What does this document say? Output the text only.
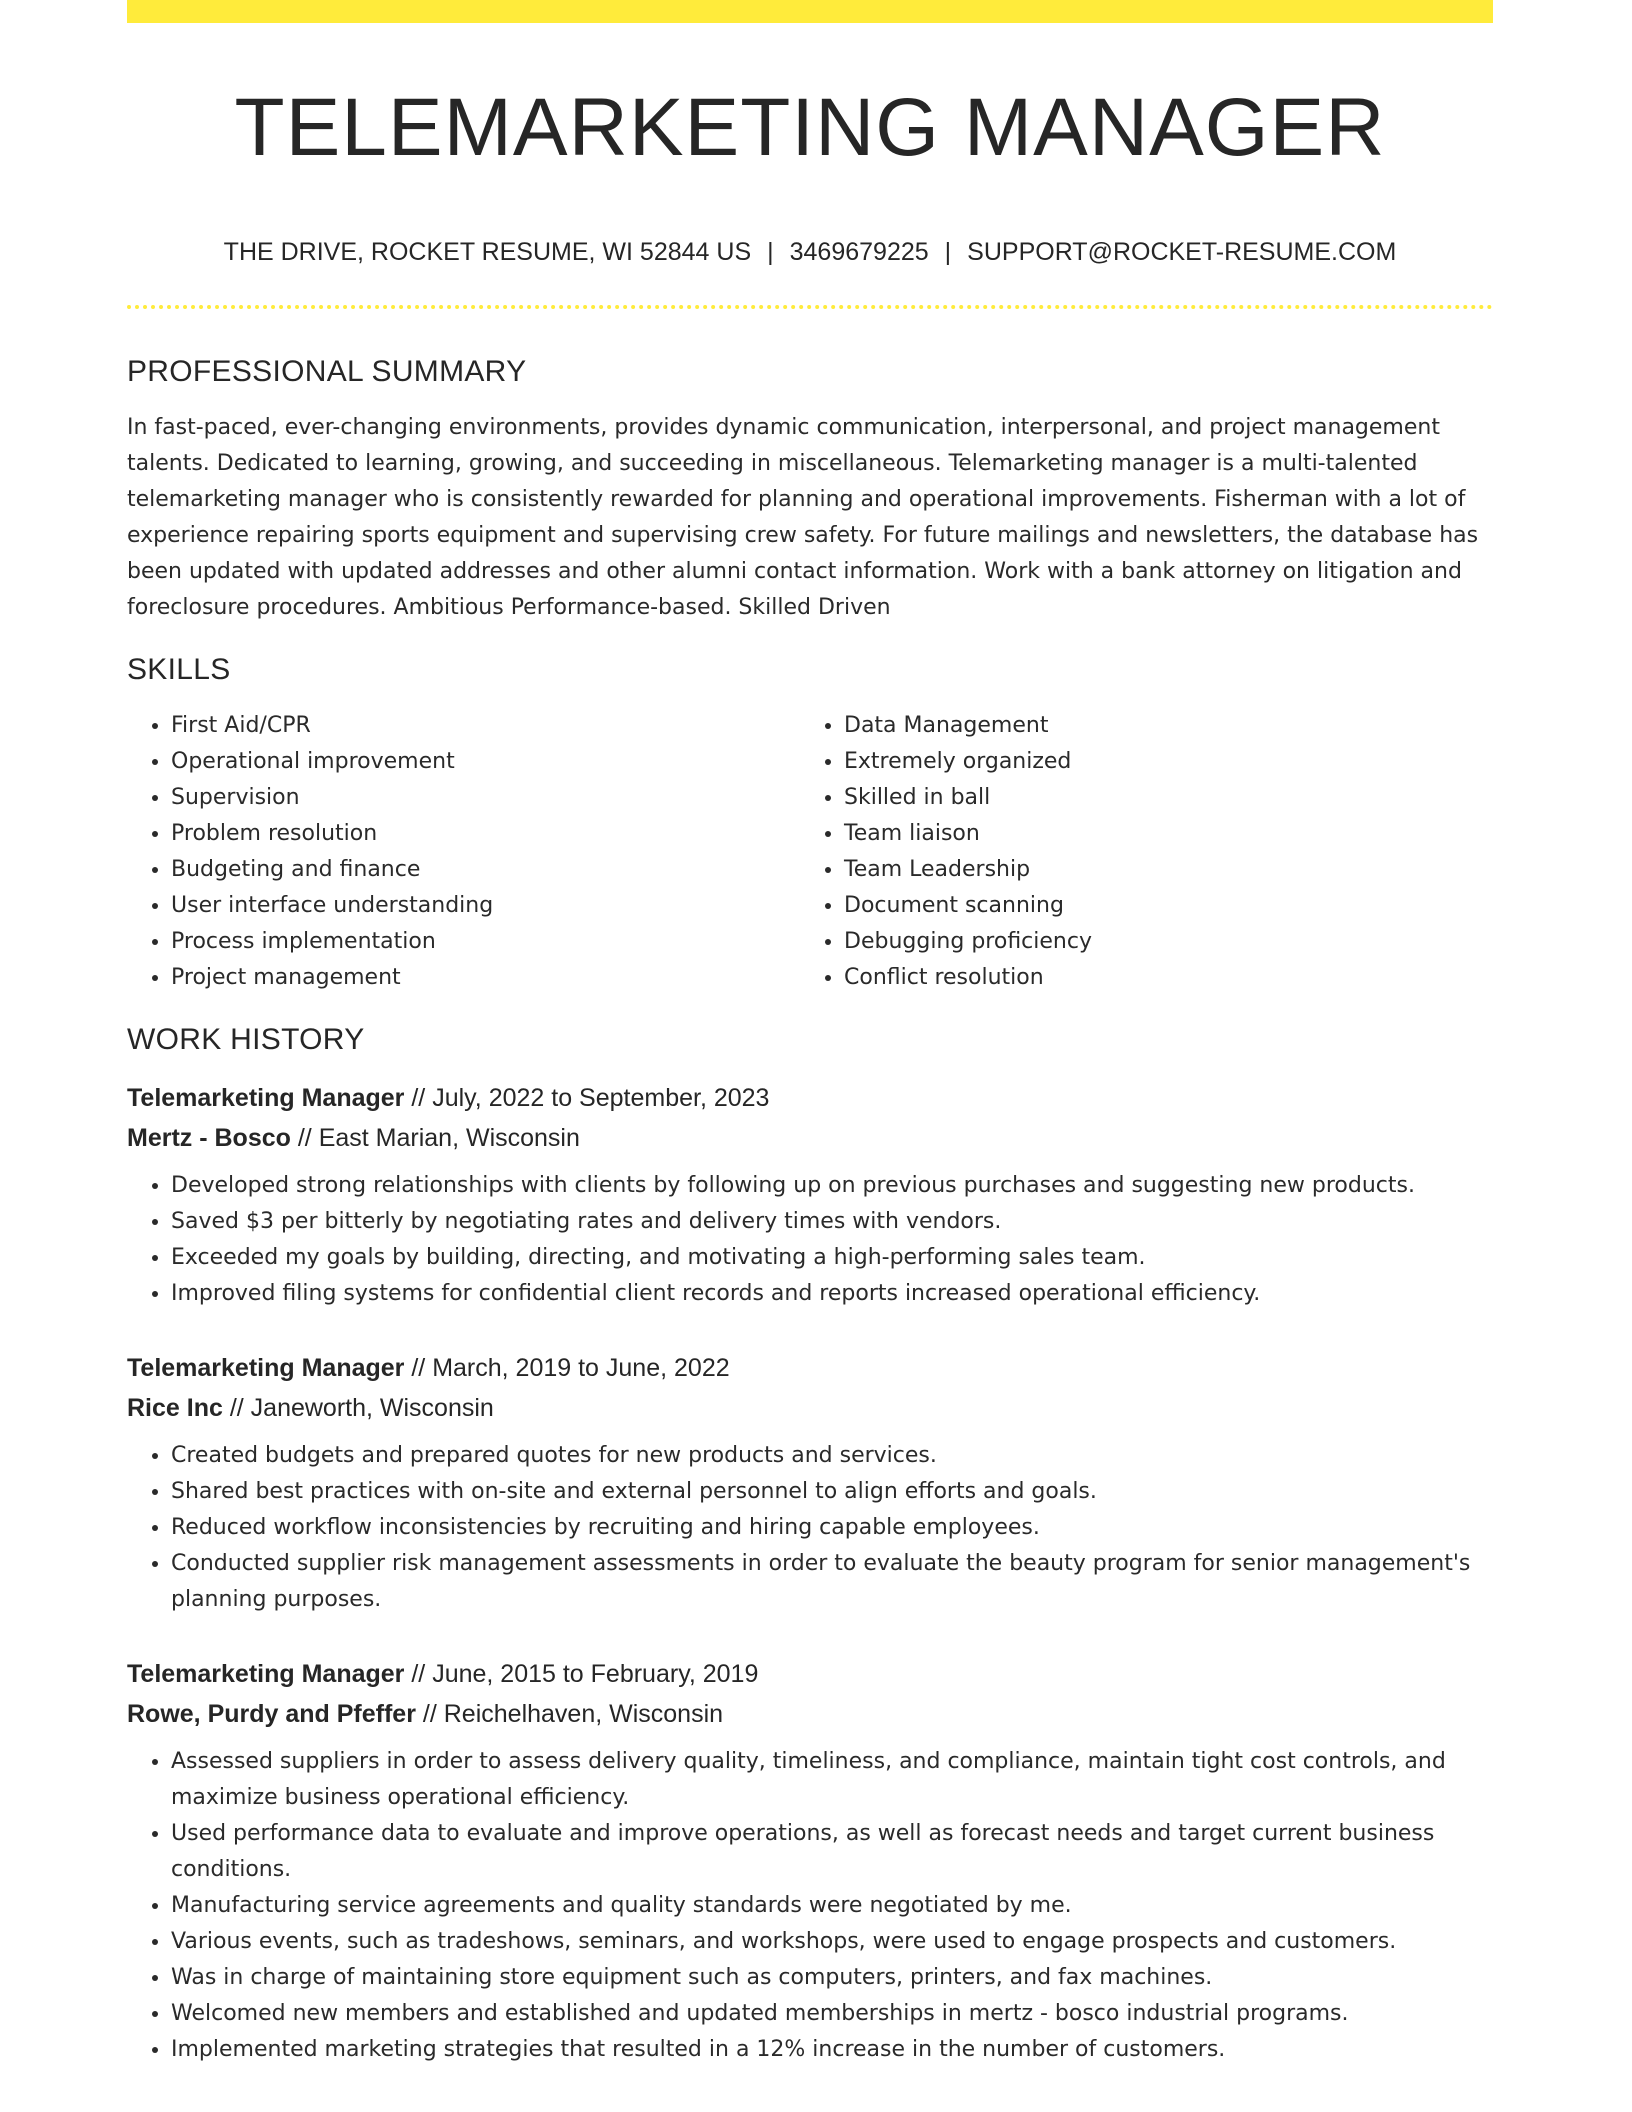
TELEMARKETING MANAGER
THE DRIVE, ROCKET RESUME, WI 52844 US | 3469679225 | SUPPORT@ROCKET-RESUME.COM
PROFESSIONAL SUMMARY

In fast-paced, ever-changing environments, provides dynamic communication, interpersonal, and project management talents. Dedicated to learning, growing, and succeeding in miscellaneous. Telemarketing manager is a multi-talented telemarketing manager who is consistently rewarded for planning and operational improvements. Fisherman with a lot of experience repairing sports equipment and supervising crew safety. For future mailings and newsletters, the database has been updated with updated addresses and other alumni contact information. Work with a bank attorney on litigation and foreclosure procedures. Ambitious Performance-based. Skilled Driven

SKILLS
• First Aid/CPR
• Operational improvement
• Supervision
• Problem resolution
• Budgeting and finance
• User interface understanding
• Process implementation
• Project management
• Data Management
• Extremely organized
• Skilled in ball
• Team liaison
• Team Leadership
• Document scanning
• Debugging proficiency
• Conflict resolution
WORK HISTORY
Telemarketing Manager // July, 2022 to September, 2023
Mertz - Bosco // East Marian, Wisconsin
• Developed strong relationships with clients by following up on previous purchases and suggesting new products.
• Saved $3 per bitterly by negotiating rates and delivery times with vendors.
• Exceeded my goals by building, directing, and motivating a high-performing sales team.
• Improved filing systems for confidential client records and reports increased operational efficiency.
Telemarketing Manager // March, 2019 to June, 2022
Rice Inc // Janeworth, Wisconsin
• Created budgets and prepared quotes for new products and services.
• Shared best practices with on-site and external personnel to align efforts and goals.
• Reduced workflow inconsistencies by recruiting and hiring capable employees.
• Conducted supplier risk management assessments in order to evaluate the beauty program for senior management's planning purposes.
Telemarketing Manager // June, 2015 to February, 2019
Rowe, Purdy and Pfeffer // Reichelhaven, Wisconsin
• Assessed suppliers in order to assess delivery quality, timeliness, and compliance, maintain tight cost controls, and maximize business operational efficiency.
• Used performance data to evaluate and improve operations, as well as forecast needs and target current business conditions.
• Manufacturing service agreements and quality standards were negotiated by me.
• Various events, such as tradeshows, seminars, and workshops, were used to engage prospects and customers.
• Was in charge of maintaining store equipment such as computers, printers, and fax machines.
• Welcomed new members and established and updated memberships in mertz - bosco industrial programs.
• Implemented marketing strategies that resulted in a 12% increase in the number of customers.
